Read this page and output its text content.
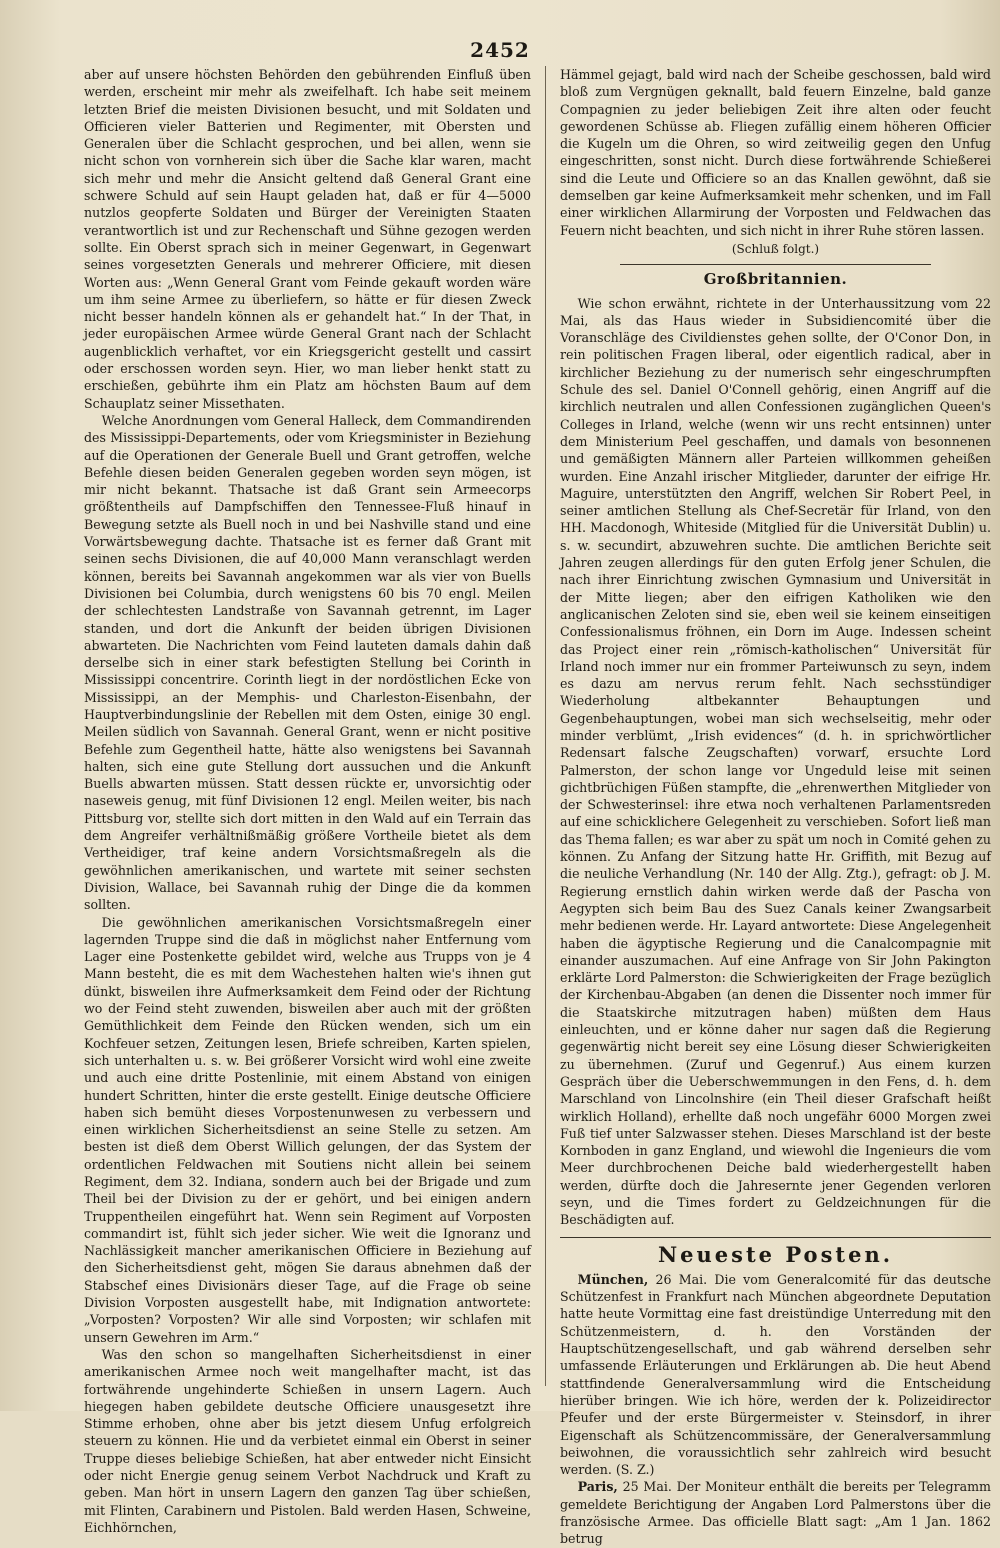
2452

aber auf unsere höchsten Behörden den gebührenden Einfluß üben werden, erscheint mir mehr als zweifelhaft. Ich habe seit meinem letzten Brief die meisten Divisionen besucht, und mit Soldaten und Officieren vieler Batterien und Regimenter, mit Obersten und Generalen über die Schlacht gesprochen, und bei allen, wenn sie nicht schon von vornherein sich über die Sache klar waren, macht sich mehr und mehr die Ansicht geltend daß General Grant eine schwere Schuld auf sein Haupt geladen hat, daß er für 4—5000 nutzlos geopferte Soldaten und Bürger der Vereinigten Staaten verantwortlich ist und zur Rechenschaft und Sühne gezogen werden sollte. Ein Oberst sprach sich in meiner Gegenwart, in Gegenwart seines vorgesetzten Generals und mehrerer Officiere, mit diesen Worten aus: „Wenn General Grant vom Feinde gekauft worden wäre um ihm seine Armee zu überliefern, so hätte er für diesen Zweck nicht besser handeln können als er gehandelt hat.“ In der That, in jeder europäischen Armee würde General Grant nach der Schlacht augenblicklich verhaftet, vor ein Kriegsgericht gestellt und cassirt oder erschossen worden seyn. Hier, wo man lieber henkt statt zu erschießen, gebührte ihm ein Platz am höchsten Baum auf dem Schauplatz seiner Missethaten.

Welche Anordnungen vom General Halleck, dem Commandirenden des Mississippi-Departements, oder vom Kriegsminister in Beziehung auf die Operationen der Generale Buell und Grant getroffen, welche Befehle diesen beiden Generalen gegeben worden seyn mögen, ist mir nicht bekannt. Thatsache ist daß Grant sein Armeecorps größtentheils auf Dampfschiffen den Tennessee-Fluß hinauf in Bewegung setzte als Buell noch in und bei Nashville stand und eine Vorwärtsbewegung dachte. Thatsache ist es ferner daß Grant mit seinen sechs Divisionen, die auf 40,000 Mann veranschlagt werden können, bereits bei Savannah angekommen war als vier von Buells Divisionen bei Columbia, durch wenigstens 60 bis 70 engl. Meilen der schlechtesten Landstraße von Savannah getrennt, im Lager standen, und dort die Ankunft der beiden übrigen Divisionen abwarteten. Die Nachrichten vom Feind lauteten damals dahin daß derselbe sich in einer stark befestigten Stellung bei Corinth in Mississippi concentrire. Corinth liegt in der nordöstlichen Ecke von Mississippi, an der Memphis- und Charleston-Eisenbahn, der Hauptverbindungslinie der Rebellen mit dem Osten, einige 30 engl. Meilen südlich von Savannah. General Grant, wenn er nicht positive Befehle zum Gegentheil hatte, hätte also wenigstens bei Savannah halten, sich eine gute Stellung dort aussuchen und die Ankunft Buells abwarten müssen. Statt dessen rückte er, unvorsichtig oder naseweis genug, mit fünf Divisionen 12 engl. Meilen weiter, bis nach Pittsburg vor, stellte sich dort mitten in den Wald auf ein Terrain das dem Angreifer verhältnißmäßig größere Vortheile bietet als dem Vertheidiger, traf keine andern Vorsichtsmaßregeln als die gewöhnlichen amerikanischen, und wartete mit seiner sechsten Division, Wallace, bei Savannah ruhig der Dinge die da kommen sollten.

Die gewöhnlichen amerikanischen Vorsichtsmaßregeln einer lagernden Truppe sind die daß in möglichst naher Entfernung vom Lager eine Postenkette gebildet wird, welche aus Trupps von je 4 Mann besteht, die es mit dem Wachestehen halten wie's ihnen gut dünkt, bisweilen ihre Aufmerksamkeit dem Feind oder der Richtung wo der Feind steht zuwenden, bisweilen aber auch mit der größten Gemüthlichkeit dem Feinde den Rücken wenden, sich um ein Kochfeuer setzen, Zeitungen lesen, Briefe schreiben, Karten spielen, sich unterhalten u. s. w. Bei größerer Vorsicht wird wohl eine zweite und auch eine dritte Postenlinie, mit einem Abstand von einigen hundert Schritten, hinter die erste gestellt. Einige deutsche Officiere haben sich bemüht dieses Vorpostenunwesen zu verbessern und einen wirklichen Sicherheitsdienst an seine Stelle zu setzen. Am besten ist dieß dem Oberst Willich gelungen, der das System der ordentlichen Feldwachen mit Soutiens nicht allein bei seinem Regiment, dem 32. Indiana, sondern auch bei der Brigade und zum Theil bei der Division zu der er gehört, und bei einigen andern Truppentheilen eingeführt hat. Wenn sein Regiment auf Vorposten commandirt ist, fühlt sich jeder sicher. Wie weit die Ignoranz und Nachlässigkeit mancher amerikanischen Officiere in Beziehung auf den Sicherheitsdienst geht, mögen Sie daraus abnehmen daß der Stabschef eines Divisionärs dieser Tage, auf die Frage ob seine Division Vorposten ausgestellt habe, mit Indignation antwortete: „Vorposten? Vorposten? Wir alle sind Vorposten; wir schlafen mit unsern Gewehren im Arm.“

Was den schon so mangelhaften Sicherheitsdienst in einer amerikanischen Armee noch weit mangelhafter macht, ist das fortwährende ungehinderte Schießen in unsern Lagern. Auch hiegegen haben gebildete deutsche Officiere unausgesetzt ihre Stimme erhoben, ohne aber bis jetzt diesem Unfug erfolgreich steuern zu können. Hie und da verbietet einmal ein Oberst in seiner Truppe dieses beliebige Schießen, hat aber entweder nicht Einsicht oder nicht Energie genug seinem Verbot Nachdruck und Kraft zu geben. Man hört in unsern Lagern den ganzen Tag über schießen, mit Flinten, Carabinern und Pistolen. Bald werden Hasen, Schweine, Eichhörnchen,

Hämmel gejagt, bald wird nach der Scheibe geschossen, bald wird bloß zum Vergnügen geknallt, bald feuern Einzelne, bald ganze Compagnien zu jeder beliebigen Zeit ihre alten oder feucht gewordenen Schüsse ab. Fliegen zufällig einem höheren Officier die Kugeln um die Ohren, so wird zeitweilig gegen den Unfug eingeschritten, sonst nicht. Durch diese fortwährende Schießerei sind die Leute und Officiere so an das Knallen gewöhnt, daß sie demselben gar keine Aufmerksamkeit mehr schenken, und im Fall einer wirklichen Allarmirung der Vorposten und Feldwachen das Feuern nicht beachten, und sich nicht in ihrer Ruhe stören lassen.

(Schluß folgt.)

Großbritannien.

Wie schon erwähnt, richtete in der Unterhaussitzung vom 22 Mai, als das Haus wieder in Subsidiencomité über die Voranschläge des Civildienstes gehen sollte, der O'Conor Don, in rein politischen Fragen liberal, oder eigentlich radical, aber in kirchlicher Beziehung zu der numerisch sehr eingeschrumpften Schule des sel. Daniel O'Connell gehörig, einen Angriff auf die kirchlich neutralen und allen Confessionen zugänglichen Queen's Colleges in Irland, welche (wenn wir uns recht entsinnen) unter dem Ministerium Peel geschaffen, und damals von besonnenen und gemäßigten Männern aller Parteien willkommen geheißen wurden. Eine Anzahl irischer Mitglieder, darunter der eifrige Hr. Maguire, unterstützten den Angriff, welchen Sir Robert Peel, in seiner amtlichen Stellung als Chef-Secretär für Irland, von den HH. Macdonogh, Whiteside (Mitglied für die Universität Dublin) u. s. w. secundirt, abzuwehren suchte. Die amtlichen Berichte seit Jahren zeugen allerdings für den guten Erfolg jener Schulen, die nach ihrer Einrichtung zwischen Gymnasium und Universität in der Mitte liegen; aber den eifrigen Katholiken wie den anglicanischen Zeloten sind sie, eben weil sie keinem einseitigen Confessionalismus fröhnen, ein Dorn im Auge. Indessen scheint das Project einer rein „römisch-katholischen“ Universität für Irland noch immer nur ein frommer Parteiwunsch zu seyn, indem es dazu am nervus rerum fehlt. Nach sechsstündiger Wiederholung altbekannter Behauptungen und Gegenbehauptungen, wobei man sich wechselseitig, mehr oder minder verblümt, „Irish evidences“ (d. h. in sprichwörtlicher Redensart falsche Zeugschaften) vorwarf, ersuchte Lord Palmerston, der schon lange vor Ungeduld leise mit seinen gichtbrüchigen Füßen stampfte, die „ehrenwerthen Mitglieder von der Schwesterinsel: ihre etwa noch verhaltenen Parlamentsreden auf eine schicklichere Gelegenheit zu verschieben. Sofort ließ man das Thema fallen; es war aber zu spät um noch in Comité gehen zu können. Zu Anfang der Sitzung hatte Hr. Griffith, mit Bezug auf die neuliche Verhandlung (Nr. 140 der Allg. Ztg.), gefragt: ob J. M. Regierung ernstlich dahin wirken werde daß der Pascha von Aegypten sich beim Bau des Suez Canals keiner Zwangsarbeit mehr bedienen werde. Hr. Layard antwortete: Diese Angelegenheit haben die ägyptische Regierung und die Canalcompagnie mit einander auszumachen. Auf eine Anfrage von Sir John Pakington erklärte Lord Palmerston: die Schwierigkeiten der Frage bezüglich der Kirchenbau-Abgaben (an denen die Dissenter noch immer für die Staatskirche mitzutragen haben) müßten dem Haus einleuchten, und er könne daher nur sagen daß die Regierung gegenwärtig nicht bereit sey eine Lösung dieser Schwierigkeiten zu übernehmen. (Zuruf und Gegenruf.) Aus einem kurzen Gespräch über die Ueberschwemmungen in den Fens, d. h. dem Marschland von Lincolnshire (ein Theil dieser Grafschaft heißt wirklich Holland), erhellte daß noch ungefähr 6000 Morgen zwei Fuß tief unter Salzwasser stehen. Dieses Marschland ist der beste Kornboden in ganz England, und wiewohl die Ingenieurs die vom Meer durchbrochenen Deiche bald wiederhergestellt haben werden, dürfte doch die Jahresernte jener Gegenden verloren seyn, und die Times fordert zu Geldzeichnungen für die Beschädigten auf.

Neueste Posten.

München, 26 Mai. Die vom Generalcomité für das deutsche Schützenfest in Frankfurt nach München abgeordnete Deputation hatte heute Vormittag eine fast dreistündige Unterredung mit den Schützenmeistern, d. h. den Vorständen der Hauptschützengesellschaft, und gab während derselben sehr umfassende Erläuterungen und Erklärungen ab. Die heut Abend stattfindende Generalversammlung wird die Entscheidung hierüber bringen. Wie ich höre, werden der k. Polizeidirector Pfeufer und der erste Bürgermeister v. Steinsdorf, in ihrer Eigenschaft als Schützencommissäre, der Generalversammlung beiwohnen, die voraussichtlich sehr zahlreich wird besucht werden. (S. Z.)

Paris, 25 Mai. Der Moniteur enthält die bereits per Telegramm gemeldete Berichtigung der Angaben Lord Palmerstons über die französische Armee. Das officielle Blatt sagt: „Am 1 Jan. 1862 betrug
